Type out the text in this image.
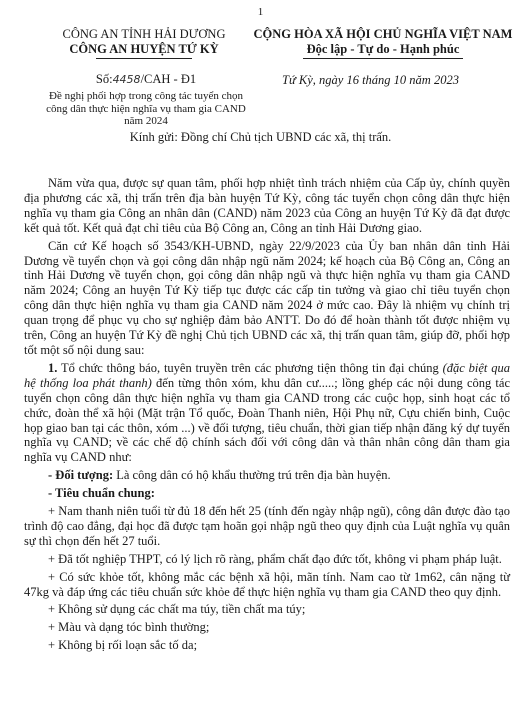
1
CÔNG AN TỈNH HẢI DƯƠNG
CÔNG AN HUYỆN TỨ KỲ
CỘNG HÒA XÃ HỘI CHỦ NGHĨA VIỆT NAM
Độc lập - Tự do - Hạnh phúc
Số:4458/CAH - Đ1
Đề nghị phối hợp trong công tác tuyển chọn công dân thực hiện nghĩa vụ tham gia CAND năm 2024
Tứ Kỳ, ngày 16 tháng 10 năm 2023
Kính gửi: Đồng chí Chủ tịch UBND các xã, thị trấn.

Năm vừa qua, được sự quan tâm, phối hợp nhiệt tình trách nhiệm của Cấp ủy, chính quyền địa phương các xã, thị trấn trên địa bàn huyện Tứ Kỳ, công tác tuyển chọn công dân thực hiện nghĩa vụ tham gia Công an nhân dân (CAND) năm 2023 của Công an huyện Tứ Kỳ đã đạt được kết quả tốt. Kết quả đạt chỉ tiêu của Bộ Công an, Công an tỉnh Hải Dương giao.

Căn cứ Kế hoạch số 3543/KH-UBND, ngày 22/9/2023 của Ủy ban nhân dân tỉnh Hải Dương về tuyển chọn và gọi công dân nhập ngũ năm 2024; kế hoạch của Bộ Công an, Công an tỉnh Hải Dương về tuyển chọn, gọi công dân nhập ngũ và thực hiện nghĩa vụ tham gia CAND năm 2024; Công an huyện Tứ Kỳ tiếp tục được các cấp tin tưởng và giao chỉ tiêu tuyển chọn công dân thực hiện nghĩa vụ tham gia CAND năm 2024 ở mức cao. Đây là nhiệm vụ chính trị quan trọng để phục vụ cho sự nghiệp đảm bảo ANTT. Do đó để hoàn thành tốt được nhiệm vụ trên, Công an huyện Tứ Kỳ đề nghị Chủ tịch UBND các xã, thị trấn quan tâm, giúp đỡ, phối hợp tốt một số nội dung sau:

1. Tổ chức thông báo, tuyên truyền trên các phương tiện thông tin đại chúng (đặc biệt qua hệ thống loa phát thanh) đến từng thôn xóm, khu dân cư.....; lồng ghép các nội dung công tác tuyển chọn công dân thực hiện nghĩa vụ tham gia CAND trong các cuộc họp, sinh hoạt các tổ chức, đoàn thể xã hội (Mặt trận Tổ quốc, Đoàn Thanh niên, Hội Phụ nữ, Cựu chiến binh, Cuộc họp giao ban tại các thôn, xóm ...) về đối tượng, tiêu chuẩn, thời gian tiếp nhận đăng ký dự tuyển nghĩa vụ CAND; về các chế độ chính sách đối với công dân và thân nhân công dân tham gia nghĩa vụ CAND như:

- Đối tượng: Là công dân có hộ khẩu thường trú trên địa bàn huyện.

- Tiêu chuẩn chung:

+ Nam thanh niên tuổi từ đủ 18 đến hết 25 (tính đến ngày nhập ngũ), công dân được đào tạo trình độ cao đẳng, đại học đã được tạm hoãn gọi nhập ngũ theo quy định của Luật nghĩa vụ quân sự thì chọn đến hết 27 tuổi.

+ Đã tốt nghiệp THPT, có lý lịch rõ ràng, phẩm chất đạo đức tốt, không vi phạm pháp luật.

+ Có sức khỏe tốt, không mắc các bệnh xã hội, mãn tính. Nam cao từ 1m62, cân nặng từ 47kg và đáp ứng các tiêu chuẩn sức khỏe để thực hiện nghĩa vụ tham gia CAND theo quy định.

+ Không sử dụng các chất ma túy, tiền chất ma túy;

+ Màu và dạng tóc bình thường;

+ Không bị rối loạn sắc tố da;
